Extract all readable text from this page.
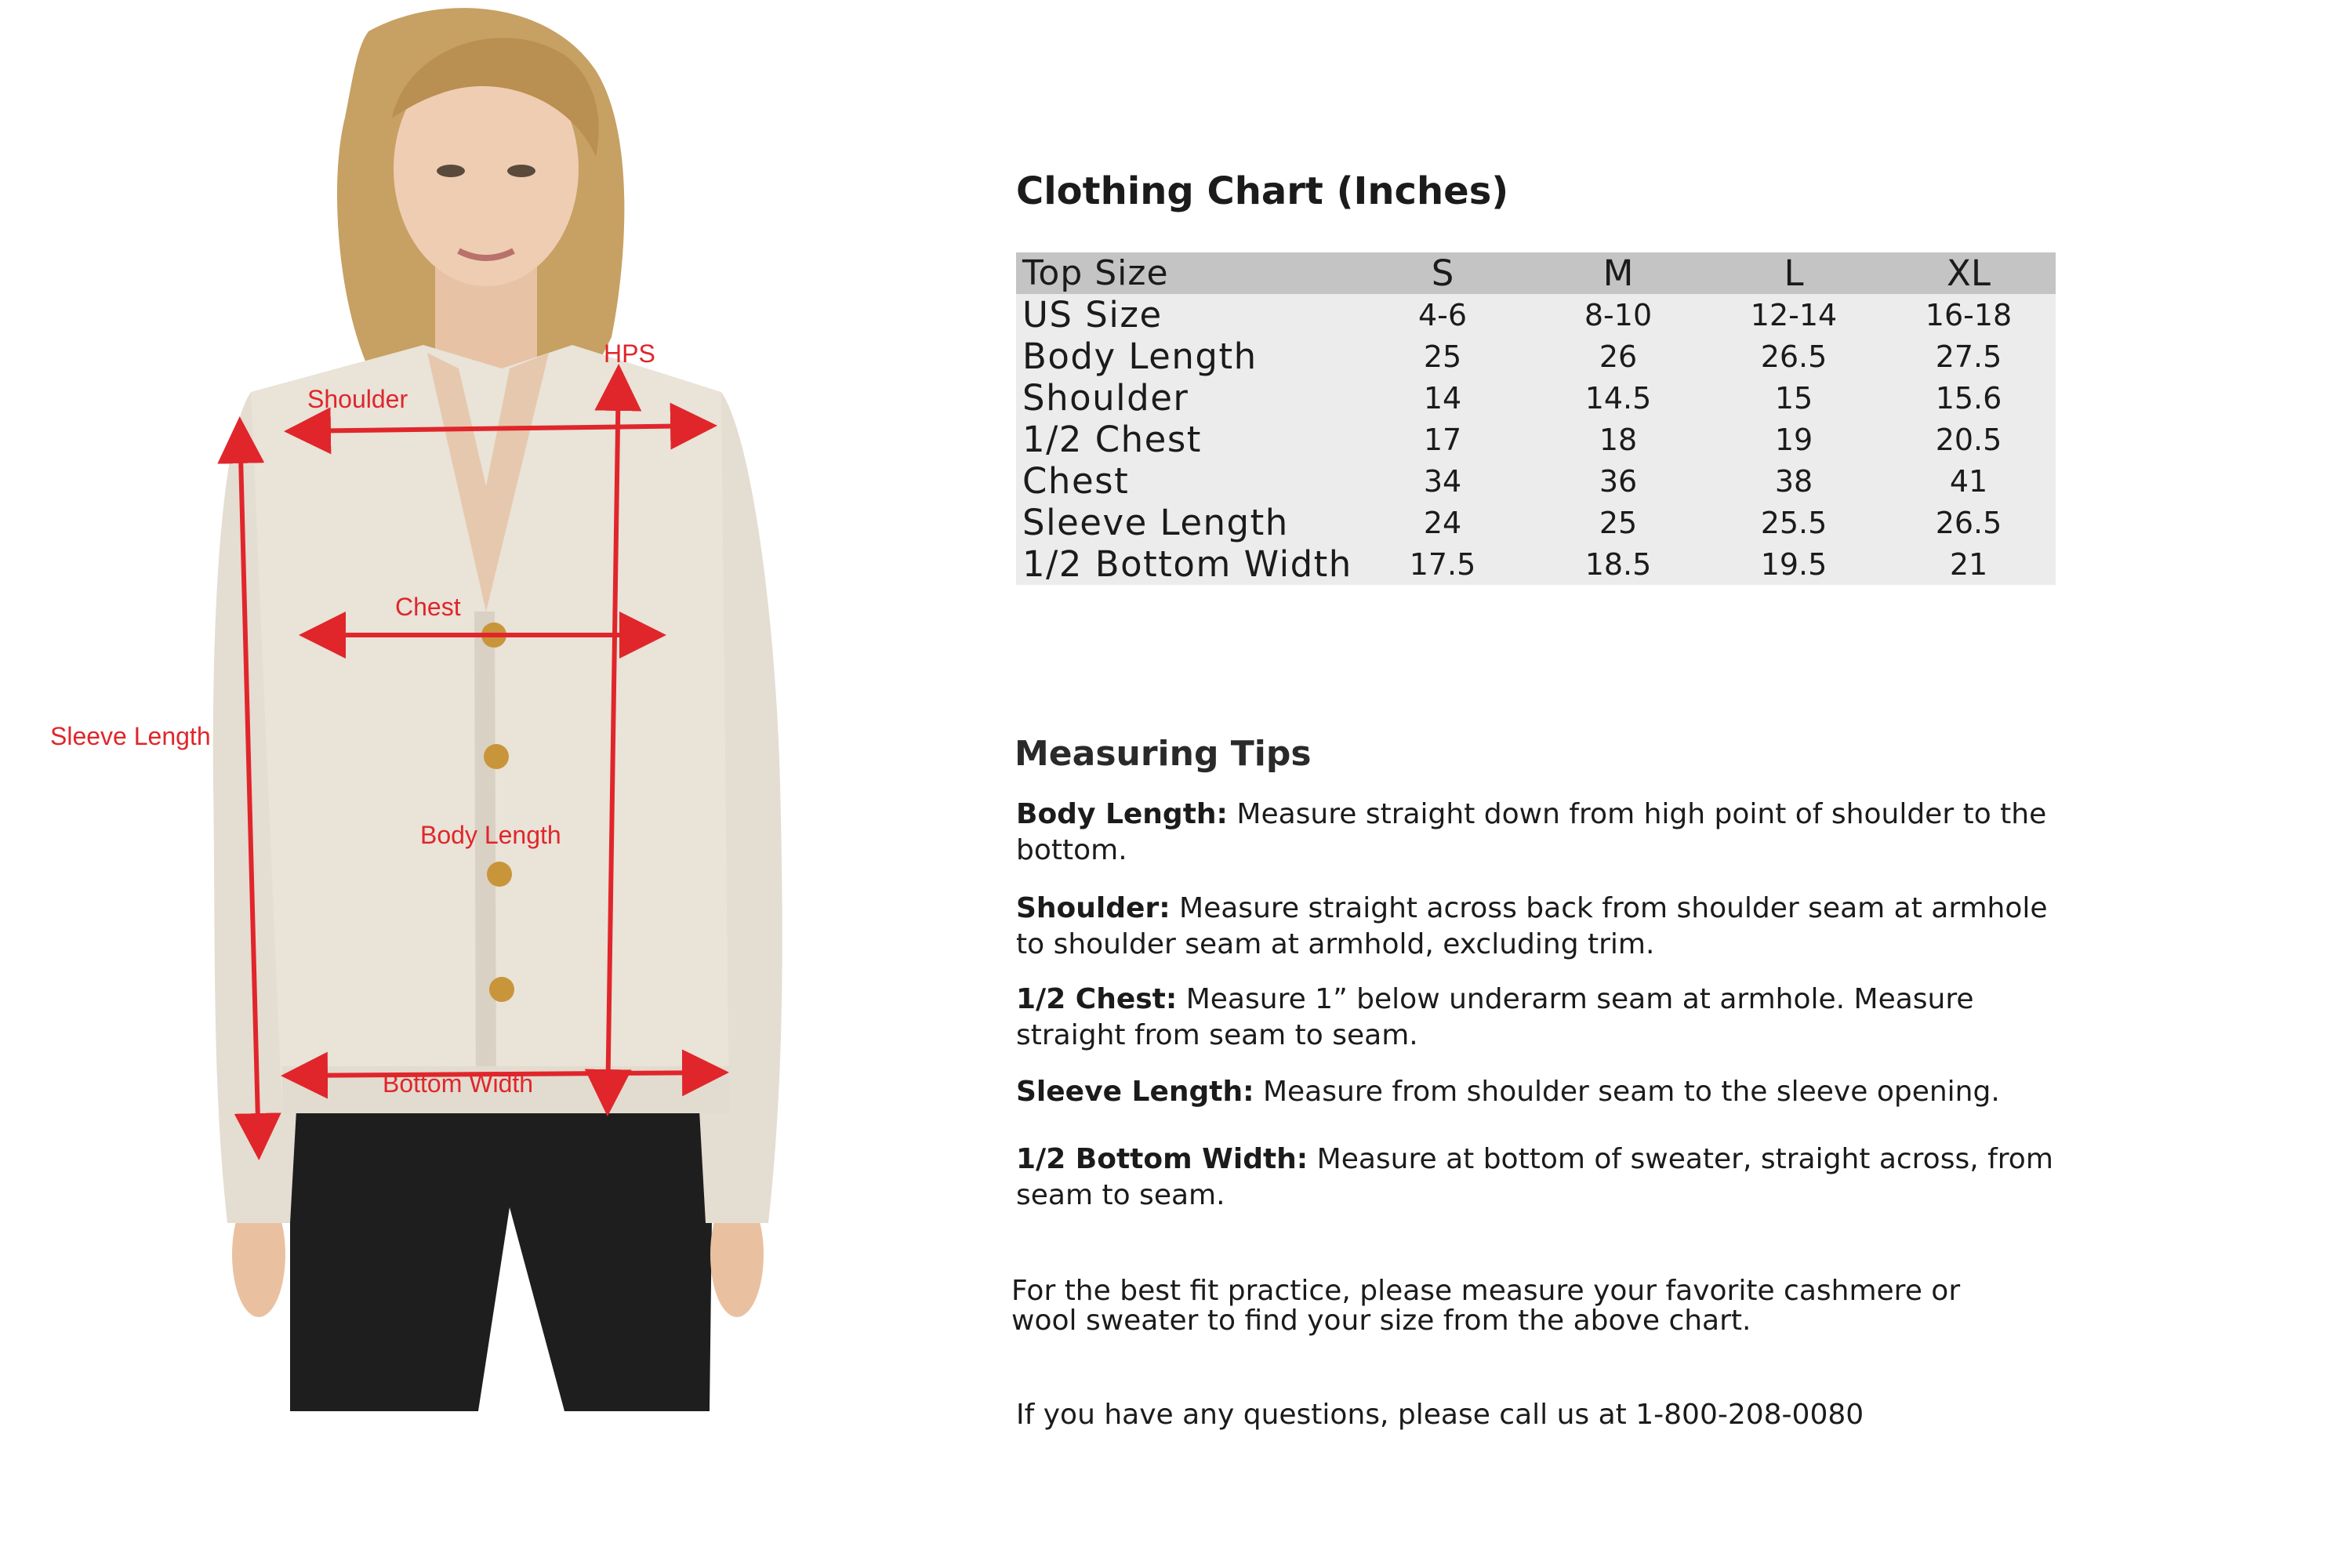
HPS
Shoulder
Chest
Sleeve Length
Body Length
Bottom Width
Clothing Chart (Inches)
Top Size	S	M	L	XL
US Size	4-6	8-10	12-14	16-18
Body Length	25	26	26.5	27.5
Shoulder	14	14.5	15	15.6
1/2 Chest	17	18	19	20.5
Chest	34	36	38	41
Sleeve Length	24	25	25.5	26.5
1/2 Bottom Width	17.5	18.5	19.5	21
Measuring Tips
Body Length: Measure straight down from high point of shoulder to the bottom.
Shoulder: Measure straight across back from shoulder seam at armhole to shoulder seam at armhold, excluding trim.
1/2 Chest: Measure 1” below underarm seam at armhole. Measure straight from seam to seam.
Sleeve Length: Measure from shoulder seam to the sleeve opening.
1/2 Bottom Width: Measure at bottom of sweater, straight across, from seam to seam.
For the best fit practice, please measure your favorite cashmere or wool sweater to find your size from the above chart.
If you have any questions, please call us at 1-800-208-0080
